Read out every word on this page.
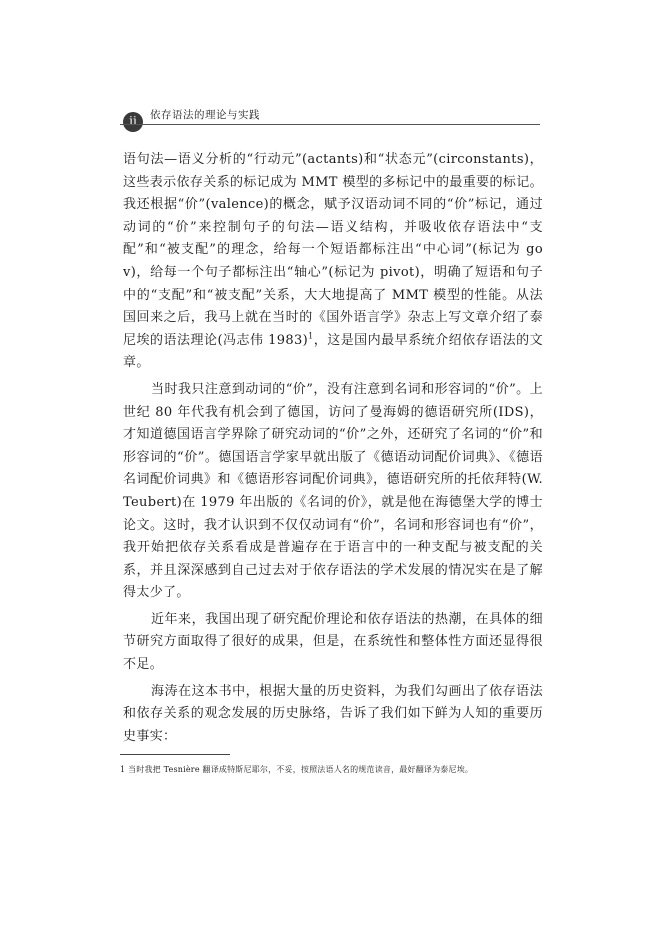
ii	依存语法的理论与实践

语句法—语义分析的“行动元”(actants)和“状态元”(circonstants)，这些表示依存关系的标记成为 MMT 模型的多标记中的最重要的标记。我还根据“价”(valence)的概念，赋予汉语动词不同的“价”标记，通过动词的“价”来控制句子的句法—语义结构，并吸收依存语法中“支配”和“被支配”的理念，给每一个短语都标注出“中心词”(标记为 gov)，给每一个句子都标注出“轴心”(标记为 pivot)，明确了短语和句子中的“支配”和“被支配”关系，大大地提高了 MMT 模型的性能。从法国回来之后，我马上就在当时的《国外语言学》杂志上写文章介绍了泰尼埃的语法理论(冯志伟 1983)$^1$，这是国内最早系统介绍依存语法的文章。

当时我只注意到动词的“价”，没有注意到名词和形容词的“价”。上世纪 80 年代我有机会到了德国，访问了曼海姆的德语研究所(IDS)，才知道德国语言学界除了研究动词的“价”之外，还研究了名词的“价”和形容词的“价”。德国语言学家早就出版了《德语动词配价词典》、《德语名词配价词典》和《德语形容词配价词典》，德语研究所的托依拜特(W. Teubert)在 1979 年出版的《名词的价》，就是他在海德堡大学的博士论文。这时，我才认识到不仅仅动词有“价”，名词和形容词也有“价”，我开始把依存关系看成是普遍存在于语言中的一种支配与被支配的关系，并且深深感到自己过去对于依存语法的学术发展的情况实在是了解得太少了。

近年来，我国出现了研究配价理论和依存语法的热潮，在具体的细节研究方面取得了很好的成果，但是，在系统性和整体性方面还显得很不足。

海涛在这本书中，根据大量的历史资料，为我们勾画出了依存语法和依存关系的观念发展的历史脉络，告诉了我们如下鲜为人知的重要历史事实：

1 当时我把 Tesnière 翻译成特斯尼耶尔，不妥，按照法语人名的规范读音，最好翻译为泰尼埃。
